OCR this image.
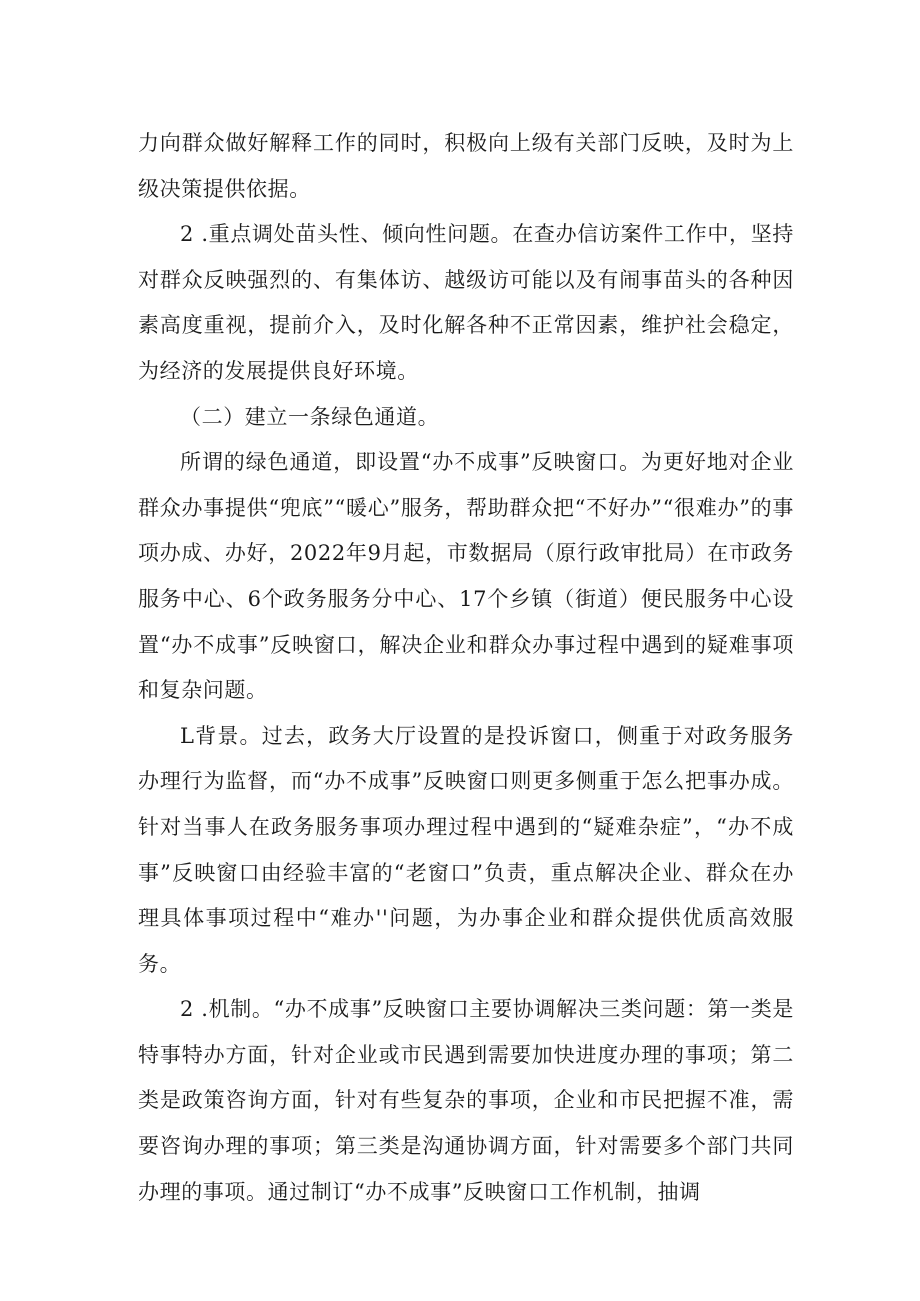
力向群众做好解释工作的同时，积极向上级有关部门反映，及时为上级决策提供依据。

2 .重点调处苗头性、倾向性问题。在查办信访案件工作中，坚持对群众反映强烈的、有集体访、越级访可能以及有闹事苗头的各种因素高度重视，提前介入，及时化解各种不正常因素，维护社会稳定，为经济的发展提供良好环境。

（二）建立一条绿色通道。

所谓的绿色通道，即设置“办不成事”反映窗口。为更好地对企业群众办事提供“兜底”“暖心”服务，帮助群众把“不好办”“很难办”的事项办成、办好，2022年9月起，市数据局（原行政审批局）在市政务服务中心、6个政务服务分中心、17个乡镇（街道）便民服务中心设置“办不成事”反映窗口，解决企业和群众办事过程中遇到的疑难事项和复杂问题。

L背景。过去，政务大厅设置的是投诉窗口，侧重于对政务服务办理行为监督，而“办不成事”反映窗口则更多侧重于怎么把事办成。针对当事人在政务服务事项办理过程中遇到的“疑难杂症”，“办不成事”反映窗口由经验丰富的“老窗口”负责，重点解决企业、群众在办理具体事项过程中“难办''问题，为办事企业和群众提供优质高效服务。

2 .机制。“办不成事”反映窗口主要协调解决三类问题：第一类是特事特办方面，针对企业或市民遇到需要加快进度办理的事项；第二类是政策咨询方面，针对有些复杂的事项，企业和市民把握不准，需要咨询办理的事项；第三类是沟通协调方面，针对需要多个部门共同办理的事项。通过制订“办不成事”反映窗口工作机制，抽调
